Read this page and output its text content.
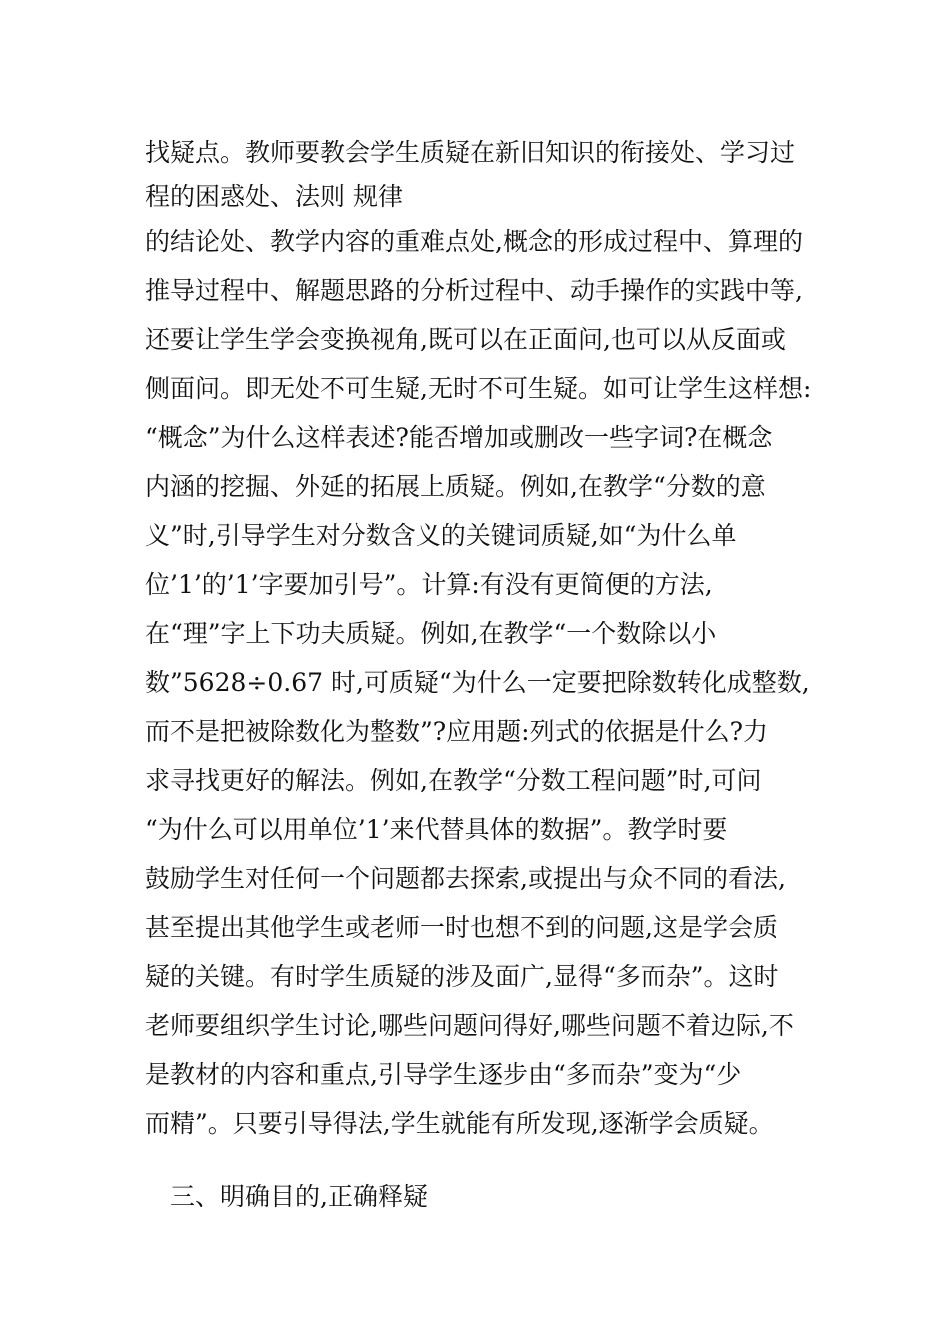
找疑点。教师要教会学生质疑在新旧知识的衔接处、学习过
程的困惑处、法则 规律
的结论处、教学内容的重难点处,概念的形成过程中、算理的
推导过程中、解题思路的分析过程中、动手操作的实践中等,
还要让学生学会变换视角,既可以在正面问,也可以从反面或
侧面问。即无处不可生疑,无时不可生疑。如可让学生这样想:
“概念”为什么这样表述?能否增加或删改一些字词?在概念
内涵的挖掘、外延的拓展上质疑。例如,在教学“分数的意
义”时,引导学生对分数含义的关键词质疑,如“为什么单
位’1’的’1’字要加引号”。计算:有没有更简便的方法,
在“理”字上下功夫质疑。例如,在教学“一个数除以小
数”5628÷0.67 时,可质疑“为什么一定要把除数转化成整数,
而不是把被除数化为整数”?应用题:列式的依据是什么?力
求寻找更好的解法。例如,在教学“分数工程问题”时,可问
“为什么可以用单位’1’来代替具体的数据”。教学时要
鼓励学生对任何一个问题都去探索,或提出与众不同的看法,
甚至提出其他学生或老师一时也想不到的问题,这是学会质
疑的关键。有时学生质疑的涉及面广,显得“多而杂”。这时
老师要组织学生讨论,哪些问题问得好,哪些问题不着边际,不
是教材的内容和重点,引导学生逐步由“多而杂”变为“少
而精”。只要引导得法,学生就能有所发现,逐渐学会质疑。
三、明确目的,正确释疑
